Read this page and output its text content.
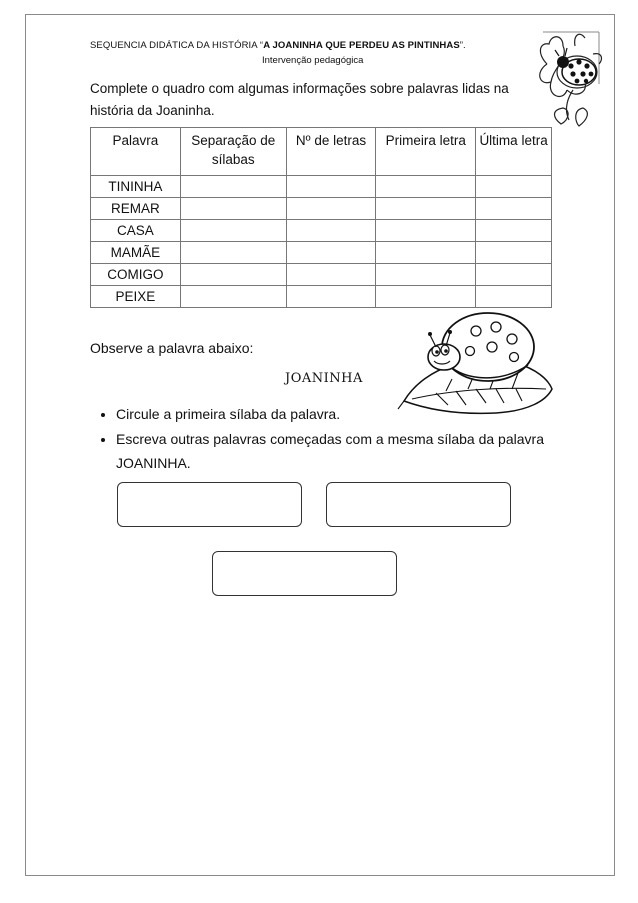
SEQUENCIA DIDÁTICA DA HISTÓRIA “A JOANINHA QUE PERDEU AS PINTINHAS”.
Intervenção pedagógica
Complete o quadro com algumas informações sobre palavras lidas na história da Joaninha.
Palavra	Separação de sílabas	Nº de letras	Primeira letra	Última letra
TININHA				
REMAR				
CASA				
MAMÃE				
COMIGO				
PEIXE				
Observe a palavra abaixo:
JOANINHA
• Circule a primeira sílaba da palavra.
• Escreva outras palavras começadas com a mesma sílaba da palavra JOANINHA.
